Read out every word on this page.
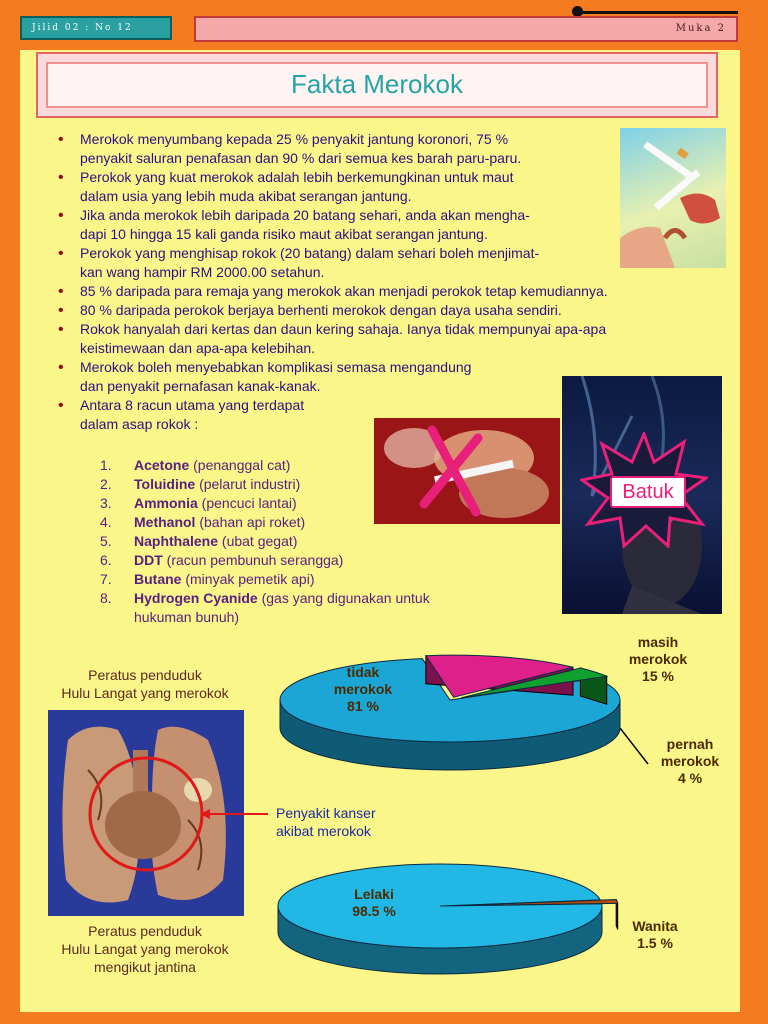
Jilid 02 : No 12	Muka 2
Fakta Merokok
Batuk
• Merokok menyumbang kepada 25 % penyakit jantung koronori, 75 %
penyakit saluran penafasan dan 90 % dari semua kes barah paru-paru.
• Perokok yang kuat merokok adalah lebih berkemungkinan untuk maut
dalam usia yang lebih muda akibat serangan jantung.
• Jika anda merokok lebih daripada 20 batang sehari, anda akan mengha-
dapi 10 hingga 15 kali ganda risiko maut akibat serangan jantung.
• Perokok yang menghisap rokok (20 batang) dalam sehari boleh menjimat-
kan wang hampir RM 2000.00 setahun.
• 85 % daripada para remaja yang merokok akan menjadi perokok tetap kemudiannya.
• 80 % daripada perokok berjaya berhenti merokok dengan daya usaha sendiri.
• Rokok hanyalah dari kertas dan daun kering sahaja. Ianya tidak mempunyai apa-apa
keistimewaan dan apa-apa kelebihan.
• Merokok boleh menyebabkan komplikasi semasa mengandung
dan penyakit pernafasan kanak-kanak.
• Antara 8 racun utama yang terdapat
dalam asap rokok :
1. Acetone (penanggal cat)
2. Toluidine (pelarut industri)
3. Ammonia (pencuci lantai)
4. Methanol (bahan api roket)
5. Naphthalene (ubat gegat)
6. DDT (racun pembunuh serangga)
7. Butane (minyak pemetik api)
8. Hydrogen Cyanide (gas yang digunakan untuk
hukuman bunuh)
Peratus penduduk
Hulu Langat yang merokok
Penyakit kanser
akibat merokok
Peratus penduduk
Hulu Langat yang merokok
mengikut jantina
tidak
merokok
81 %
masih
merokok
15 %
pernah
merokok
4 %
Lelaki
98.5 %
Wanita
1.5 %
